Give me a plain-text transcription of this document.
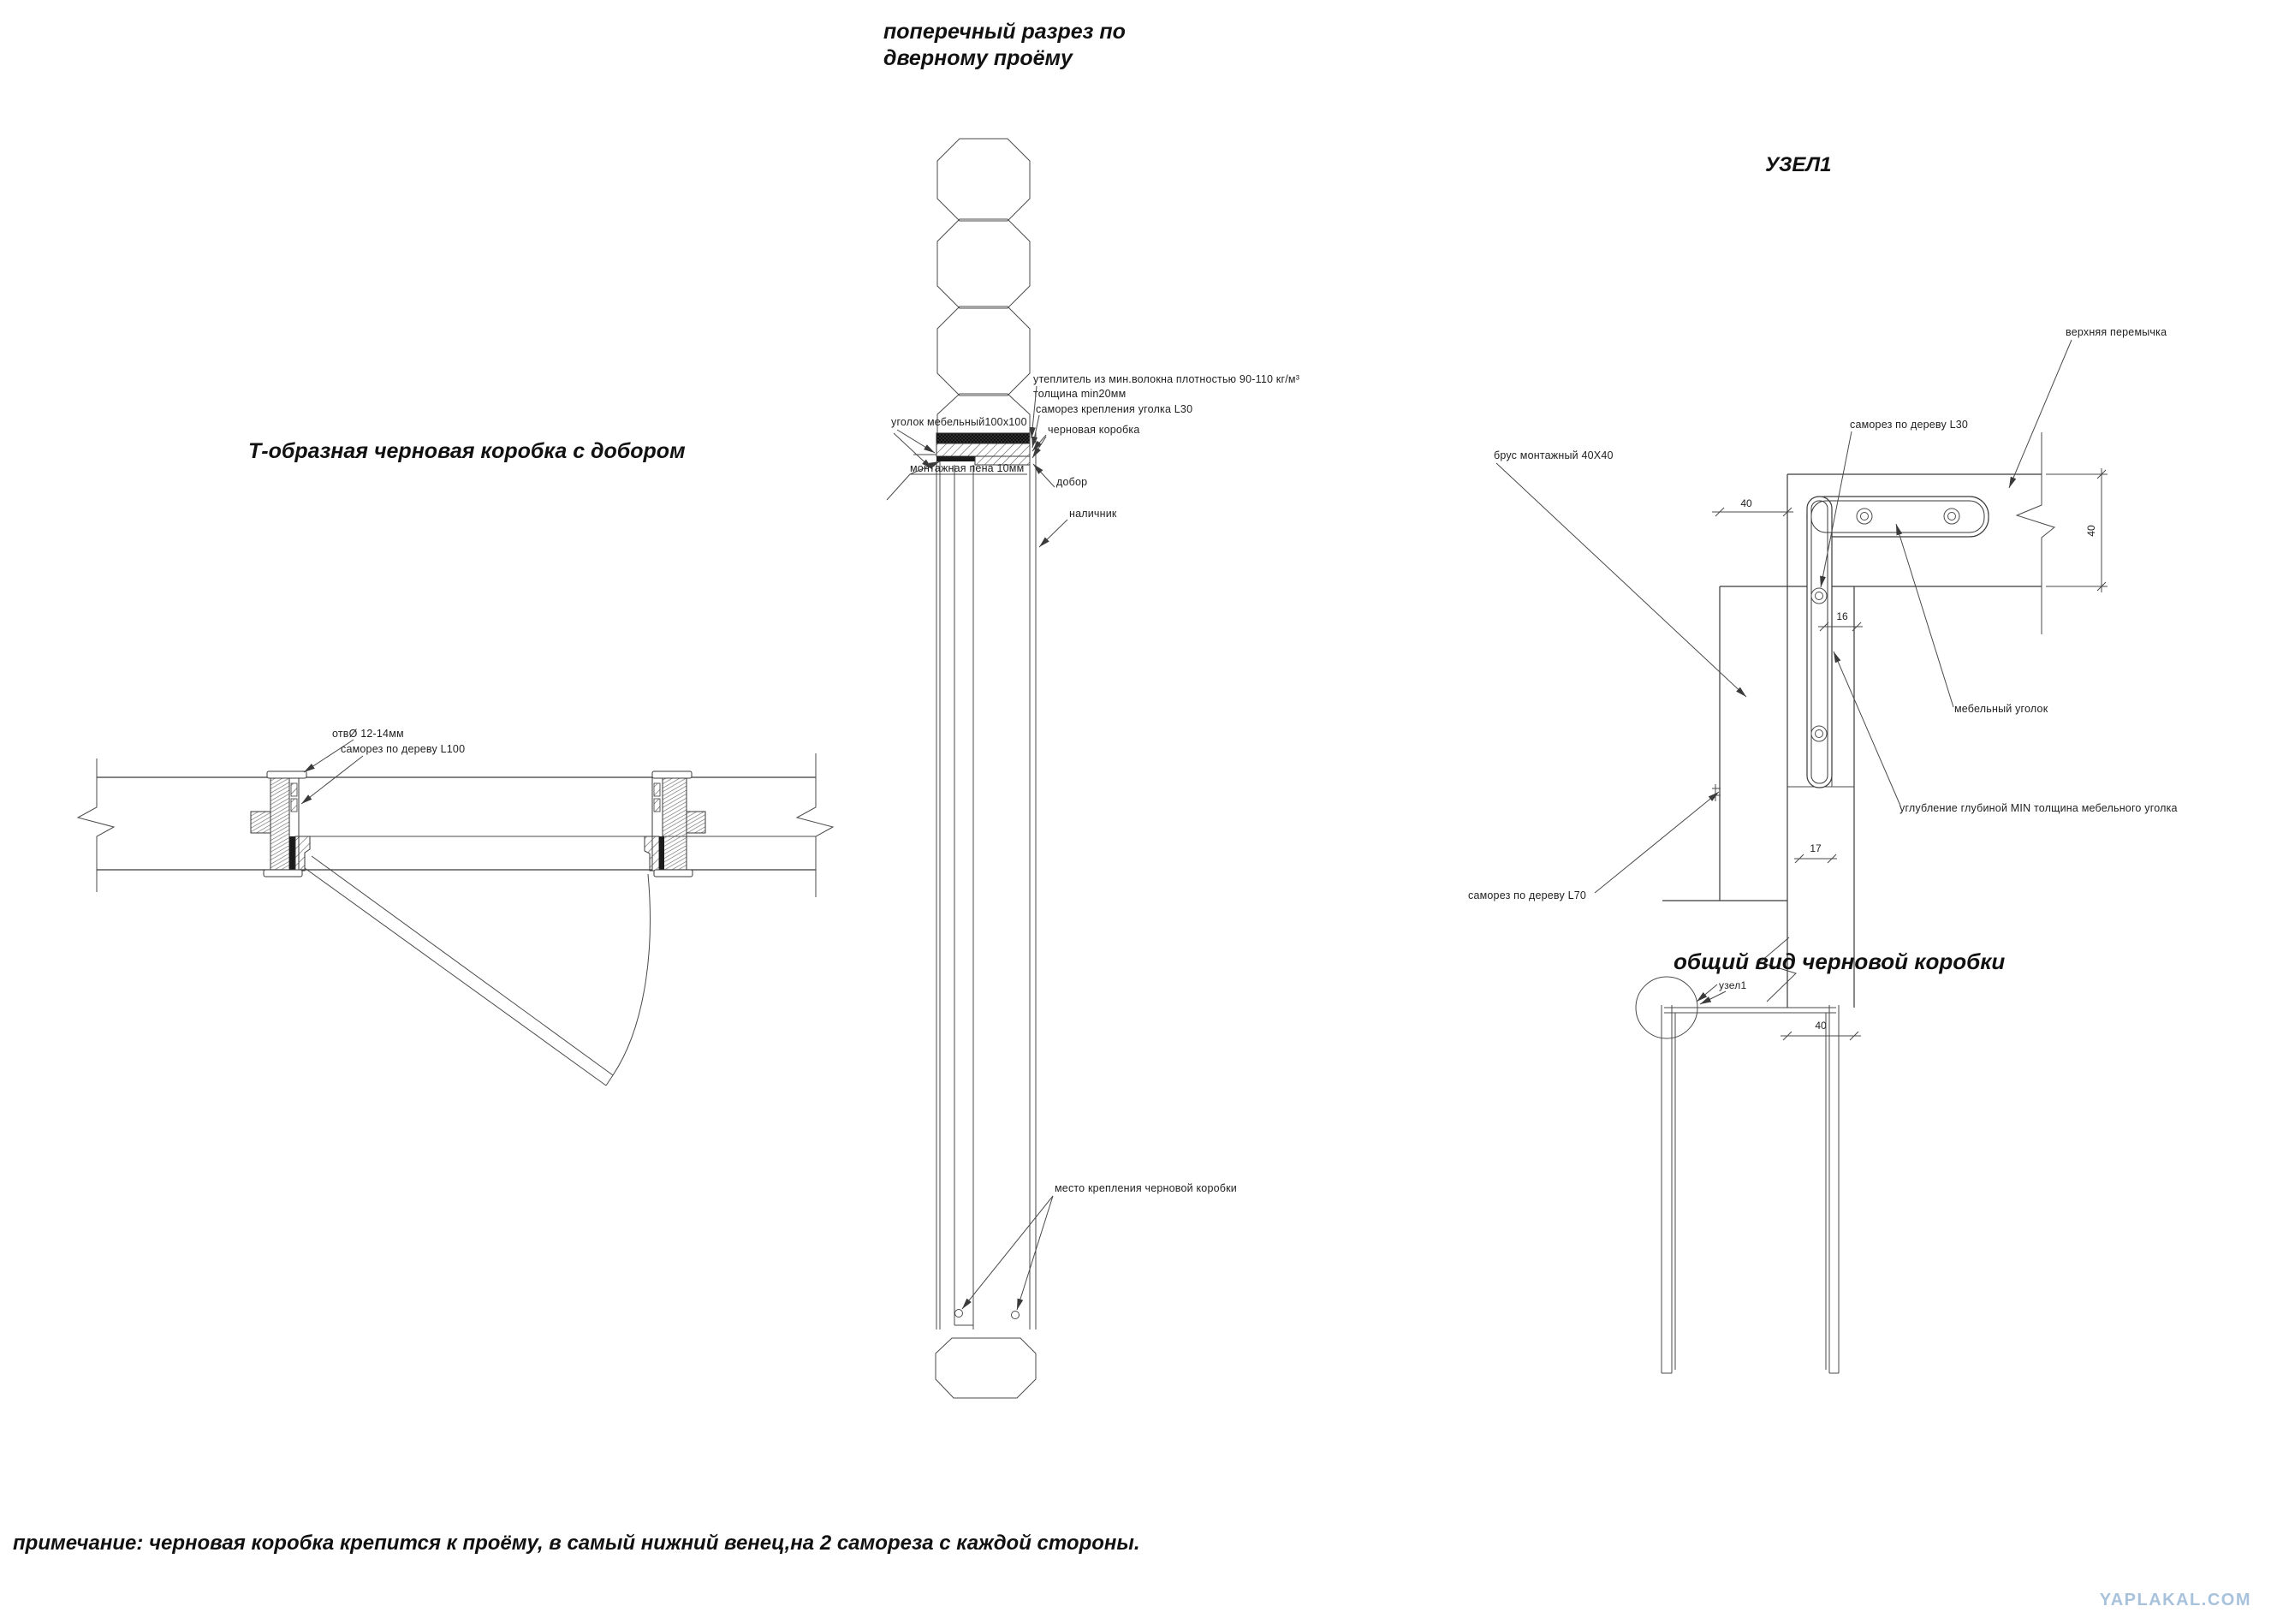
поперечный разрез по
дверному проёму
уголок мебельный100x100
утеплитель из мин.волокна плотностью 90-110 кг/м³
толщина min20мм
саморез крепления уголка L30
черновая коробка
монтажная пена 10мм
добор
наличник
место крепления черновой коробки
Т-образная черновая коробка с добором
отвØ 12-14мм
саморез по дереву L100
УЗЕЛ1
40
40
16
17
40
верхняя перемычка
саморез по дереву L30
брус монтажный 40X40
мебельный уголок
углубление глубиной MIN толщина мебельного уголка
саморез по дереву L70
общий вид черновой коробки
узел1
примечание: черновая коробка крепится к проёму, в самый нижний венец,на 2 самореза с каждой стороны.
YAPLAKAL.COM
